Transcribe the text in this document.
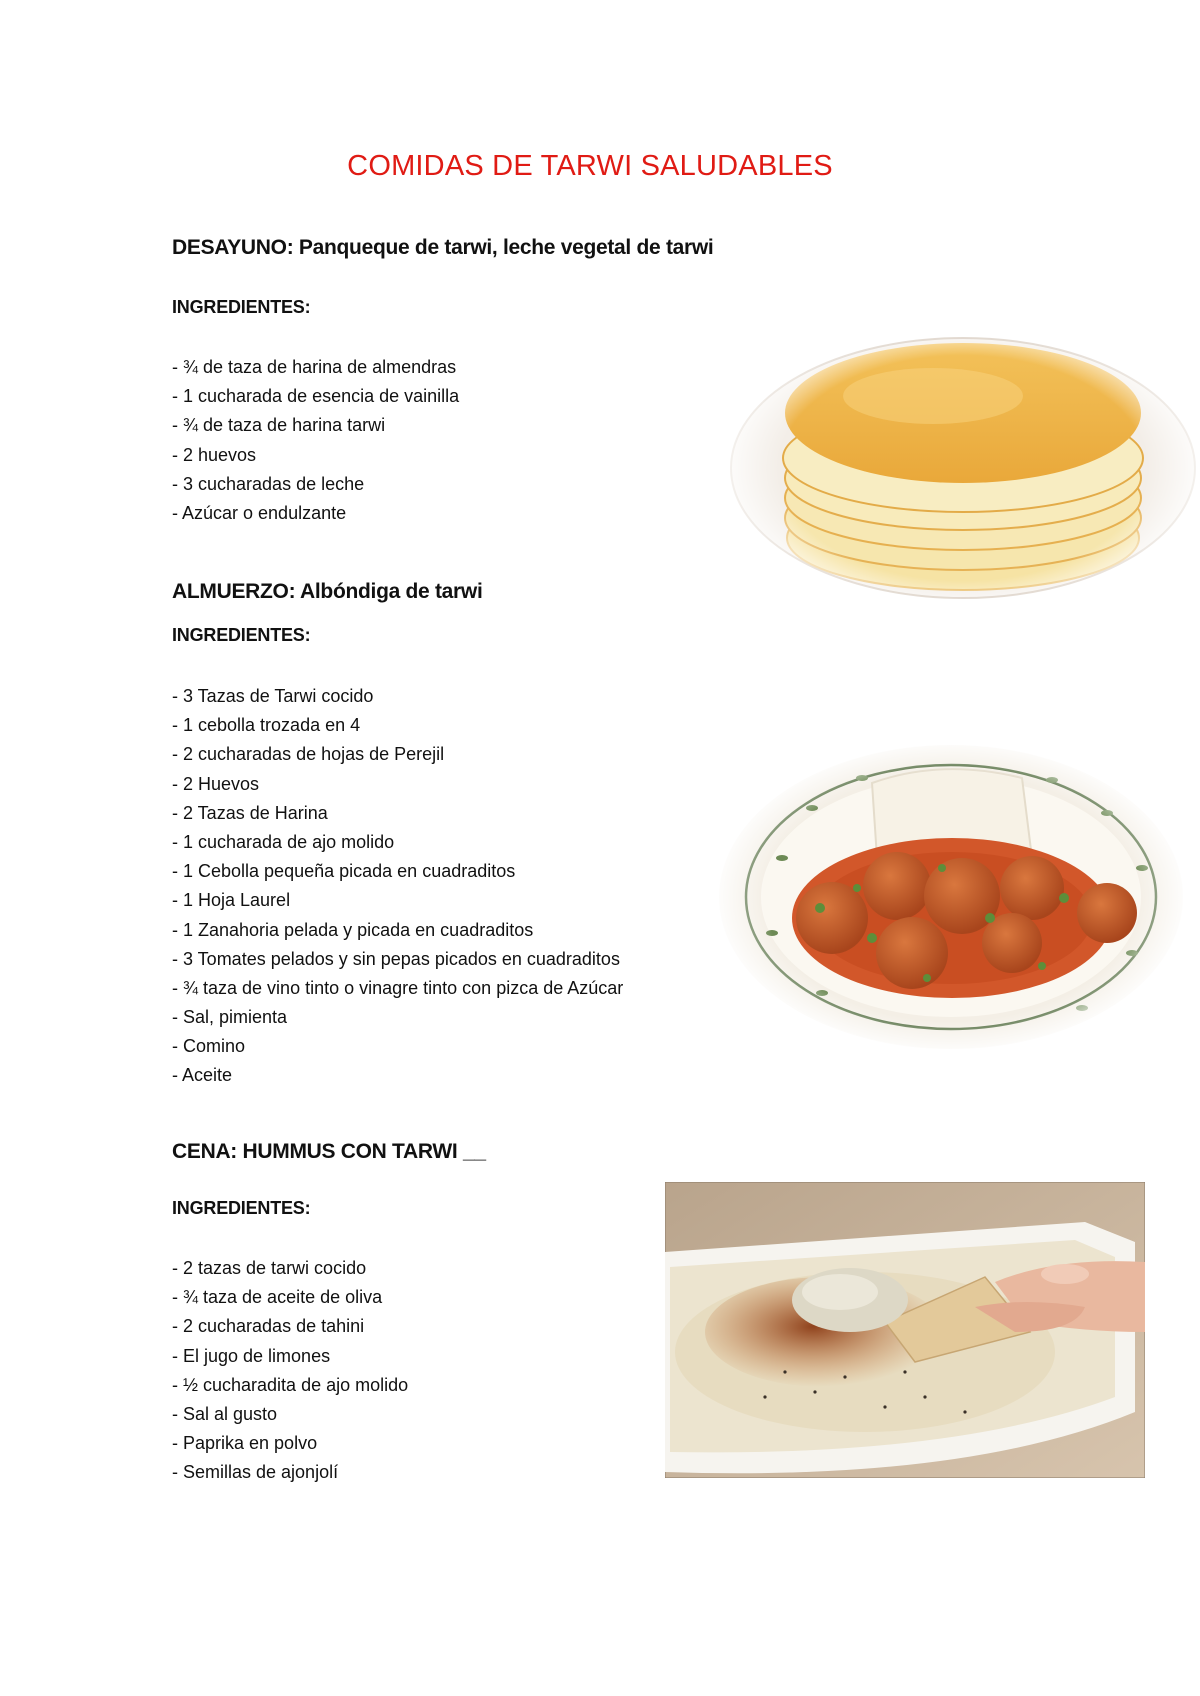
COMIDAS DE TARWI SALUDABLES
DESAYUNO: Panqueque de tarwi, leche vegetal de tarwi
INGREDIENTES:
- ¾ de taza de harina de almendras
- 1 cucharada de esencia de vainilla
- ¾ de taza de harina tarwi
- 2 huevos
- 3 cucharadas de leche
- Azúcar o endulzante
ALMUERZO: Albóndiga de tarwi
INGREDIENTES:
- 3 Tazas de Tarwi cocido
- 1 cebolla trozada en 4
- 2 cucharadas de hojas de Perejil
- 2 Huevos
- 2 Tazas de Harina
- 1 cucharada de ajo molido
- 1 Cebolla pequeña picada en cuadraditos
- 1 Hoja Laurel
- 1 Zanahoria pelada y picada en cuadraditos
- 3 Tomates pelados y sin pepas picados en cuadraditos
- ¾ taza de vino tinto o vinagre tinto con pizca de Azúcar
- Sal, pimienta
- Comino
- Aceite
CENA: HUMMUS CON TARWI __
INGREDIENTES:
- 2 tazas de tarwi cocido
- ¾ taza de aceite de oliva
- 2 cucharadas de tahini
- El jugo de limones
- ½ cucharadita de ajo molido
- Sal al gusto
- Paprika en polvo
- Semillas de ajonjolí
